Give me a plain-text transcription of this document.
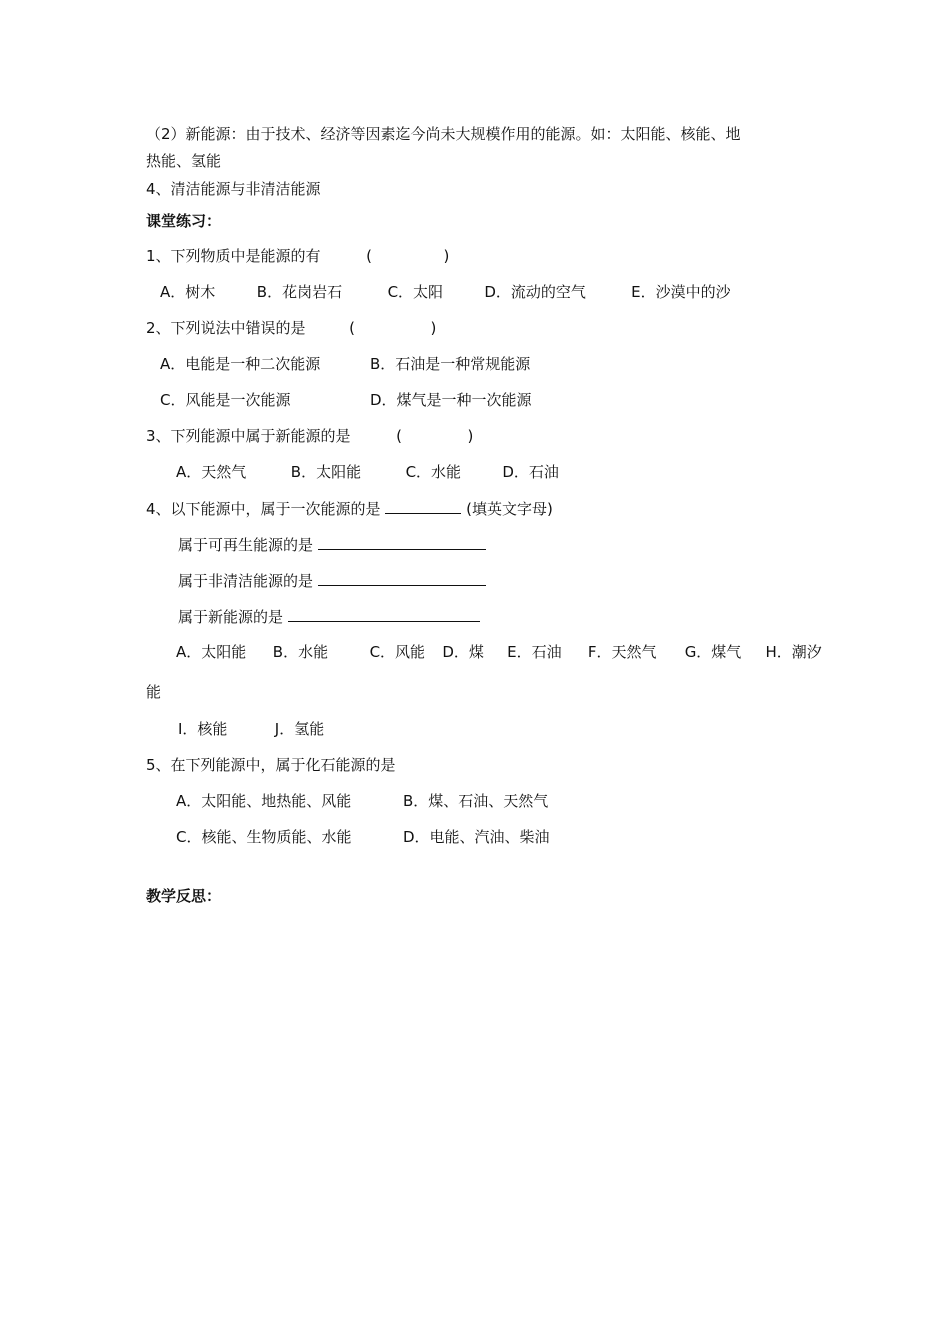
（2）新能源：由于技术、经济等因素迄今尚未大规模作用的能源。如：太阳能、核能、地
热能、氢能
4、清洁能源与非清洁能源
课堂练习：
1、下列物质中是能源的有	(	)
A．树木	B．花岗岩石	C．太阳	D．流动的空气	E．沙漠中的沙
2、下列说法中错误的是	(	)
A．电能是一种二次能源	B．石油是一种常规能源
C．风能是一次能源	D．煤气是一种一次能源
3、下列能源中属于新能源的是	(	)
A．天然气	B．太阳能	C．水能	D．石油
4、以下能源中，属于一次能源的是	(填英文字母)
属于可再生能源的是
属于非清洁能源的是
属于新能源的是
A．太阳能 B．水能	C．风能 D．煤 E．石油 F．天然气 G．煤气 H．潮汐
能
I．核能	J．氢能
5、在下列能源中，属于化石能源的是
A．太阳能、地热能、风能	B．煤、石油、天然气
C．核能、生物质能、水能	D．电能、汽油、柴油
教学反思：
